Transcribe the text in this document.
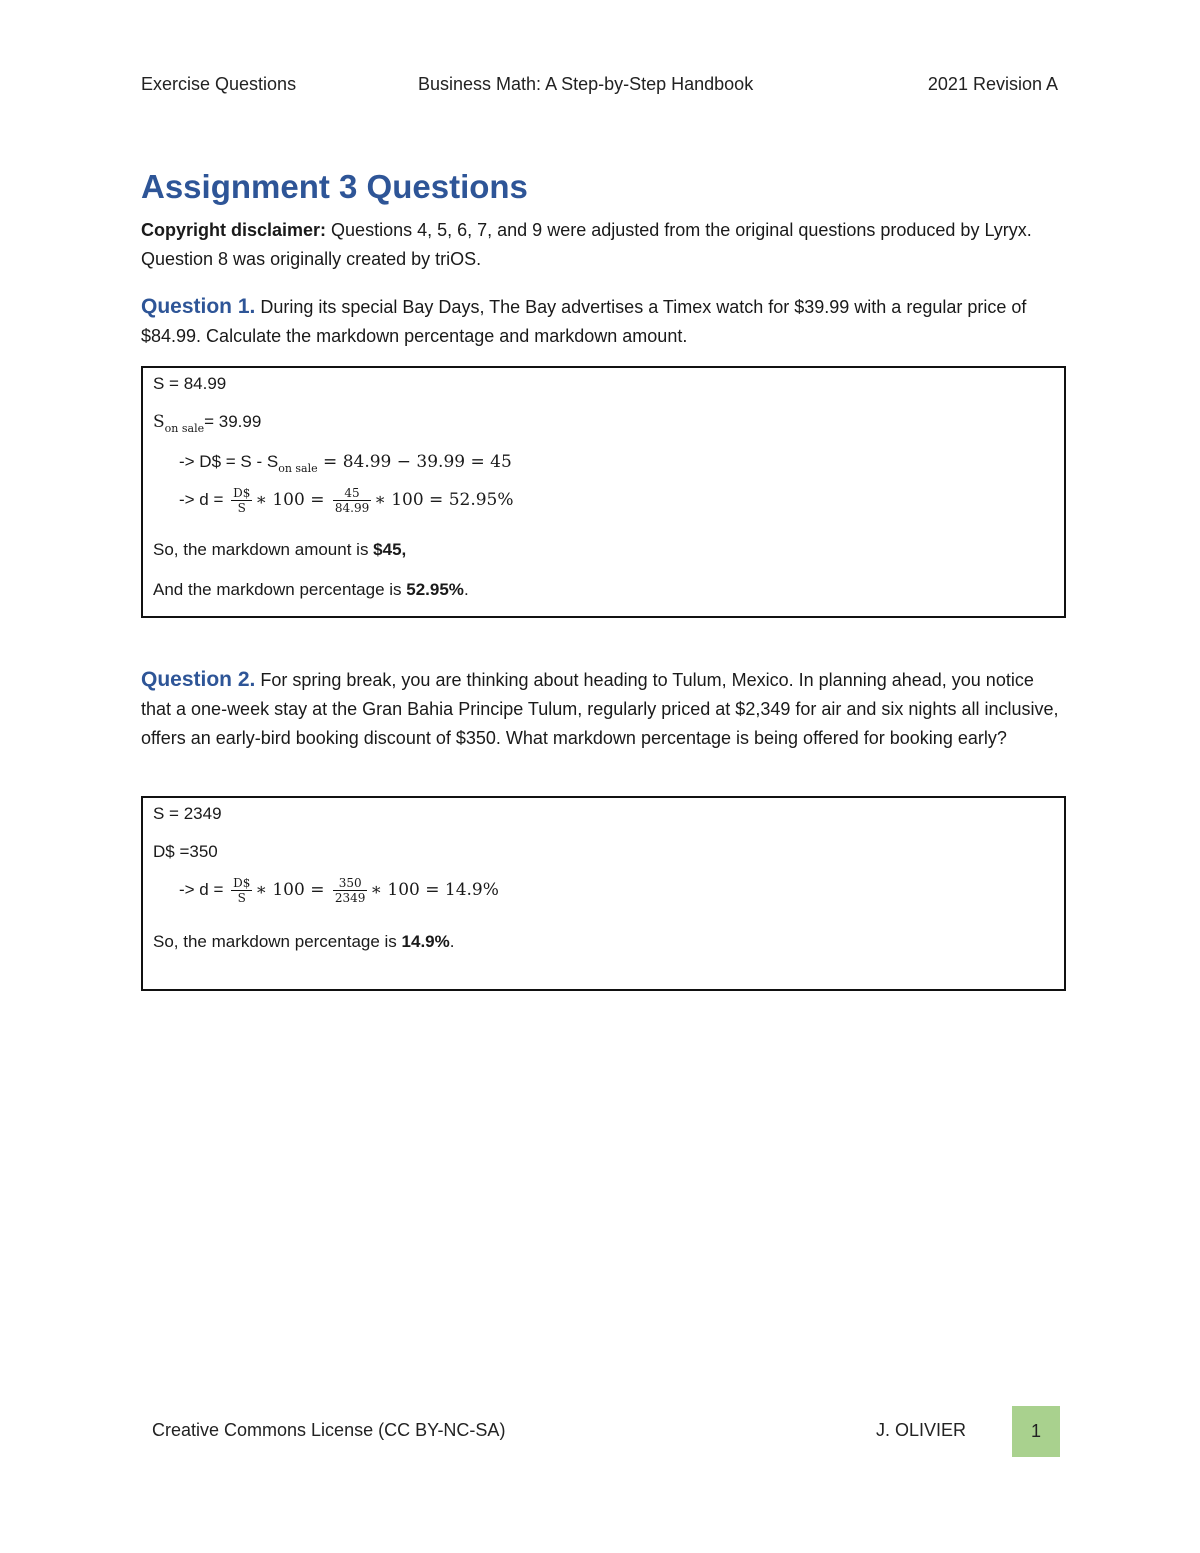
Exercise Questions	Business Math: A Step-by-Step Handbook	2021 Revision A
Assignment 3 Questions
Copyright disclaimer: Questions 4, 5, 6, 7, and 9 were adjusted from the original questions produced by Lyryx. Question 8 was originally created by triOS.
Question 1. During its special Bay Days, The Bay advertises a Timex watch for $39.99 with a regular price of $84.99. Calculate the markdown percentage and markdown amount.
S = 84.99
$S_{on sale}= 39.99$
-> D$ = $S - S_{on sale} = 84.99 - 39.99 = 45$
-> $d = \frac{D\$}{S}$ ∗ $100 = \frac{45}{84.99}$ ∗ 100 = 52.95%
So, the markdown amount is $45,
And the markdown percentage is 52.95%.
Question 2. For spring break, you are thinking about heading to Tulum, Mexico. In planning ahead, you notice that a one-week stay at the Gran Bahia Principe Tulum, regularly priced at $2,349 for air and six nights all inclusive, offers an early-bird booking discount of $350. What markdown percentage is being offered for booking early?
S = 2349
D$ =350
-> $d = \frac{D\$}{S}$ ∗ $100 = \frac{350}{2349}$ ∗ 100 = 14.9%
So, the markdown percentage is 14.9%.
Creative Commons License (CC BY-NC-SA)	J. OLIVIER	1
